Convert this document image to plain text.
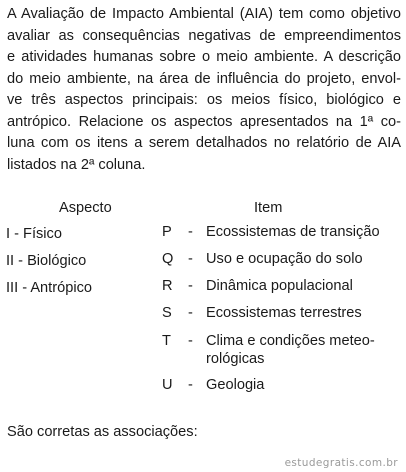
A Avaliação de Impacto Ambiental (AIA) tem como objetivo
avaliar as consequências negativas de empreendimentos
e atividades humanas sobre o meio ambiente. A descrição
do meio ambiente, na área de influência do projeto, envol-
ve três aspectos principais: os meios físico, biológico e
antrópico. Relacione os aspectos apresentados na 1ª co-
luna com os itens a serem detalhados no relatório de AIA
listados na 2ª coluna.
Aspecto	Item
I - Físico
II - Biológico
III - Antrópico
P - Ecossistemas de transição
Q - Uso e ocupação do solo
R - Dinâmica populacional
S - Ecossistemas terrestres
T - Clima e condições meteo-
rológicas
U - Geologia
São corretas as associações:
estudegratis.com.br
